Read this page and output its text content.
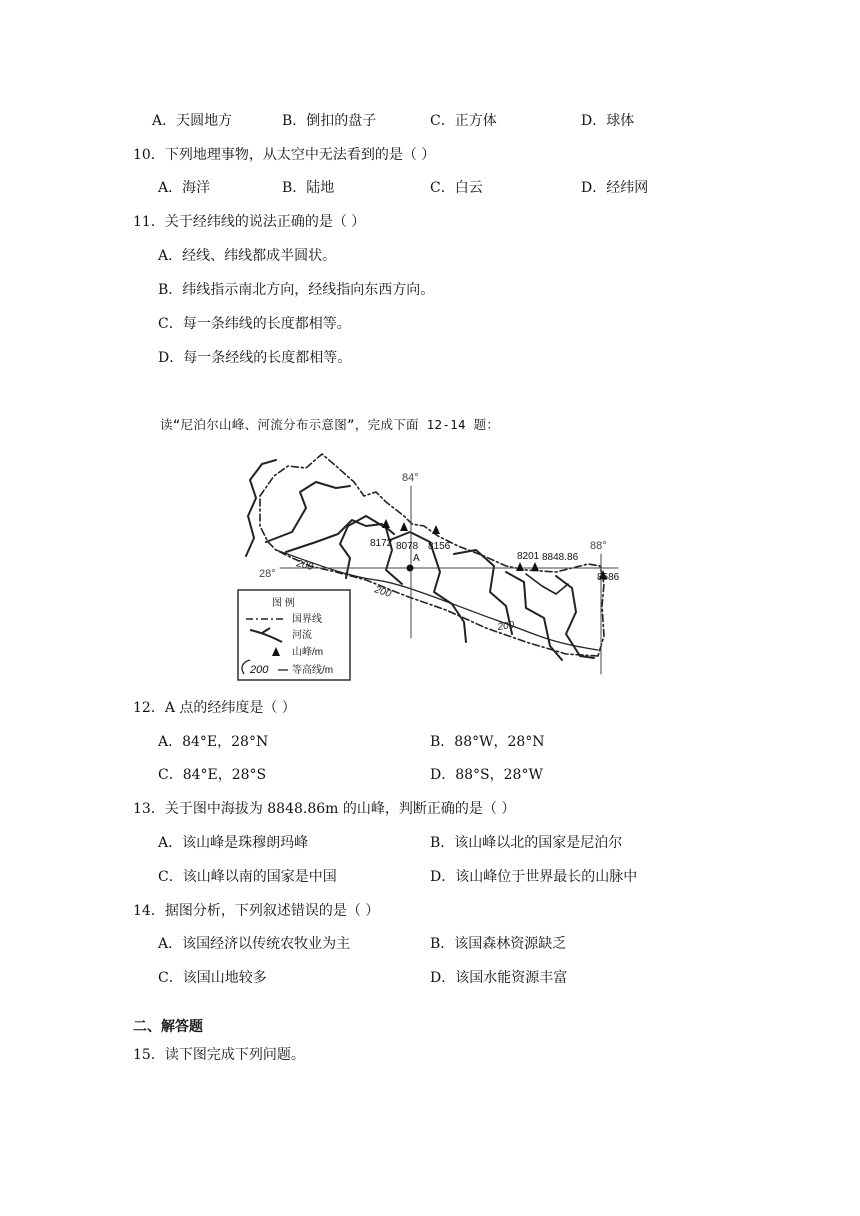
A．天圆地方	B．倒扣的盘子	C．正方体	D．球体
10．下列地理事物，从太空中无法看到的是（ ）
A．海洋	B．陆地	C．白云	D．经纬网
11．关于经纬线的说法正确的是（ ）
A．经线、纬线都成半圆状。
B．纬线指示南北方向，经线指向东西方向。
C．每一条纬线的长度都相等。
D．每一条经线的长度都相等。
读“尼泊尔山峰、河流分布示意图”，完成下面 12-14 题：
A
84°
88°
28°
200
200
200
8172 8078 8156
8201 8848.86
8586
图 例
国界线
河流
山峰/m
200 等高线/m
12．A 点的经纬度是（ ）
A．84°E，28°N	B．88°W，28°N
C．84°E，28°S	D．88°S，28°W
13．关于图中海拔为 8848.86m 的山峰，判断正确的是（ ）
A．该山峰是珠穆朗玛峰	B．该山峰以北的国家是尼泊尔
C．该山峰以南的国家是中国	D．该山峰位于世界最长的山脉中
14．据图分析，下列叙述错误的是（ ）
A．该国经济以传统农牧业为主	B．该国森林资源缺乏
C．该国山地较多	D．该国水能资源丰富
二、解答题
15．读下图完成下列问题。
